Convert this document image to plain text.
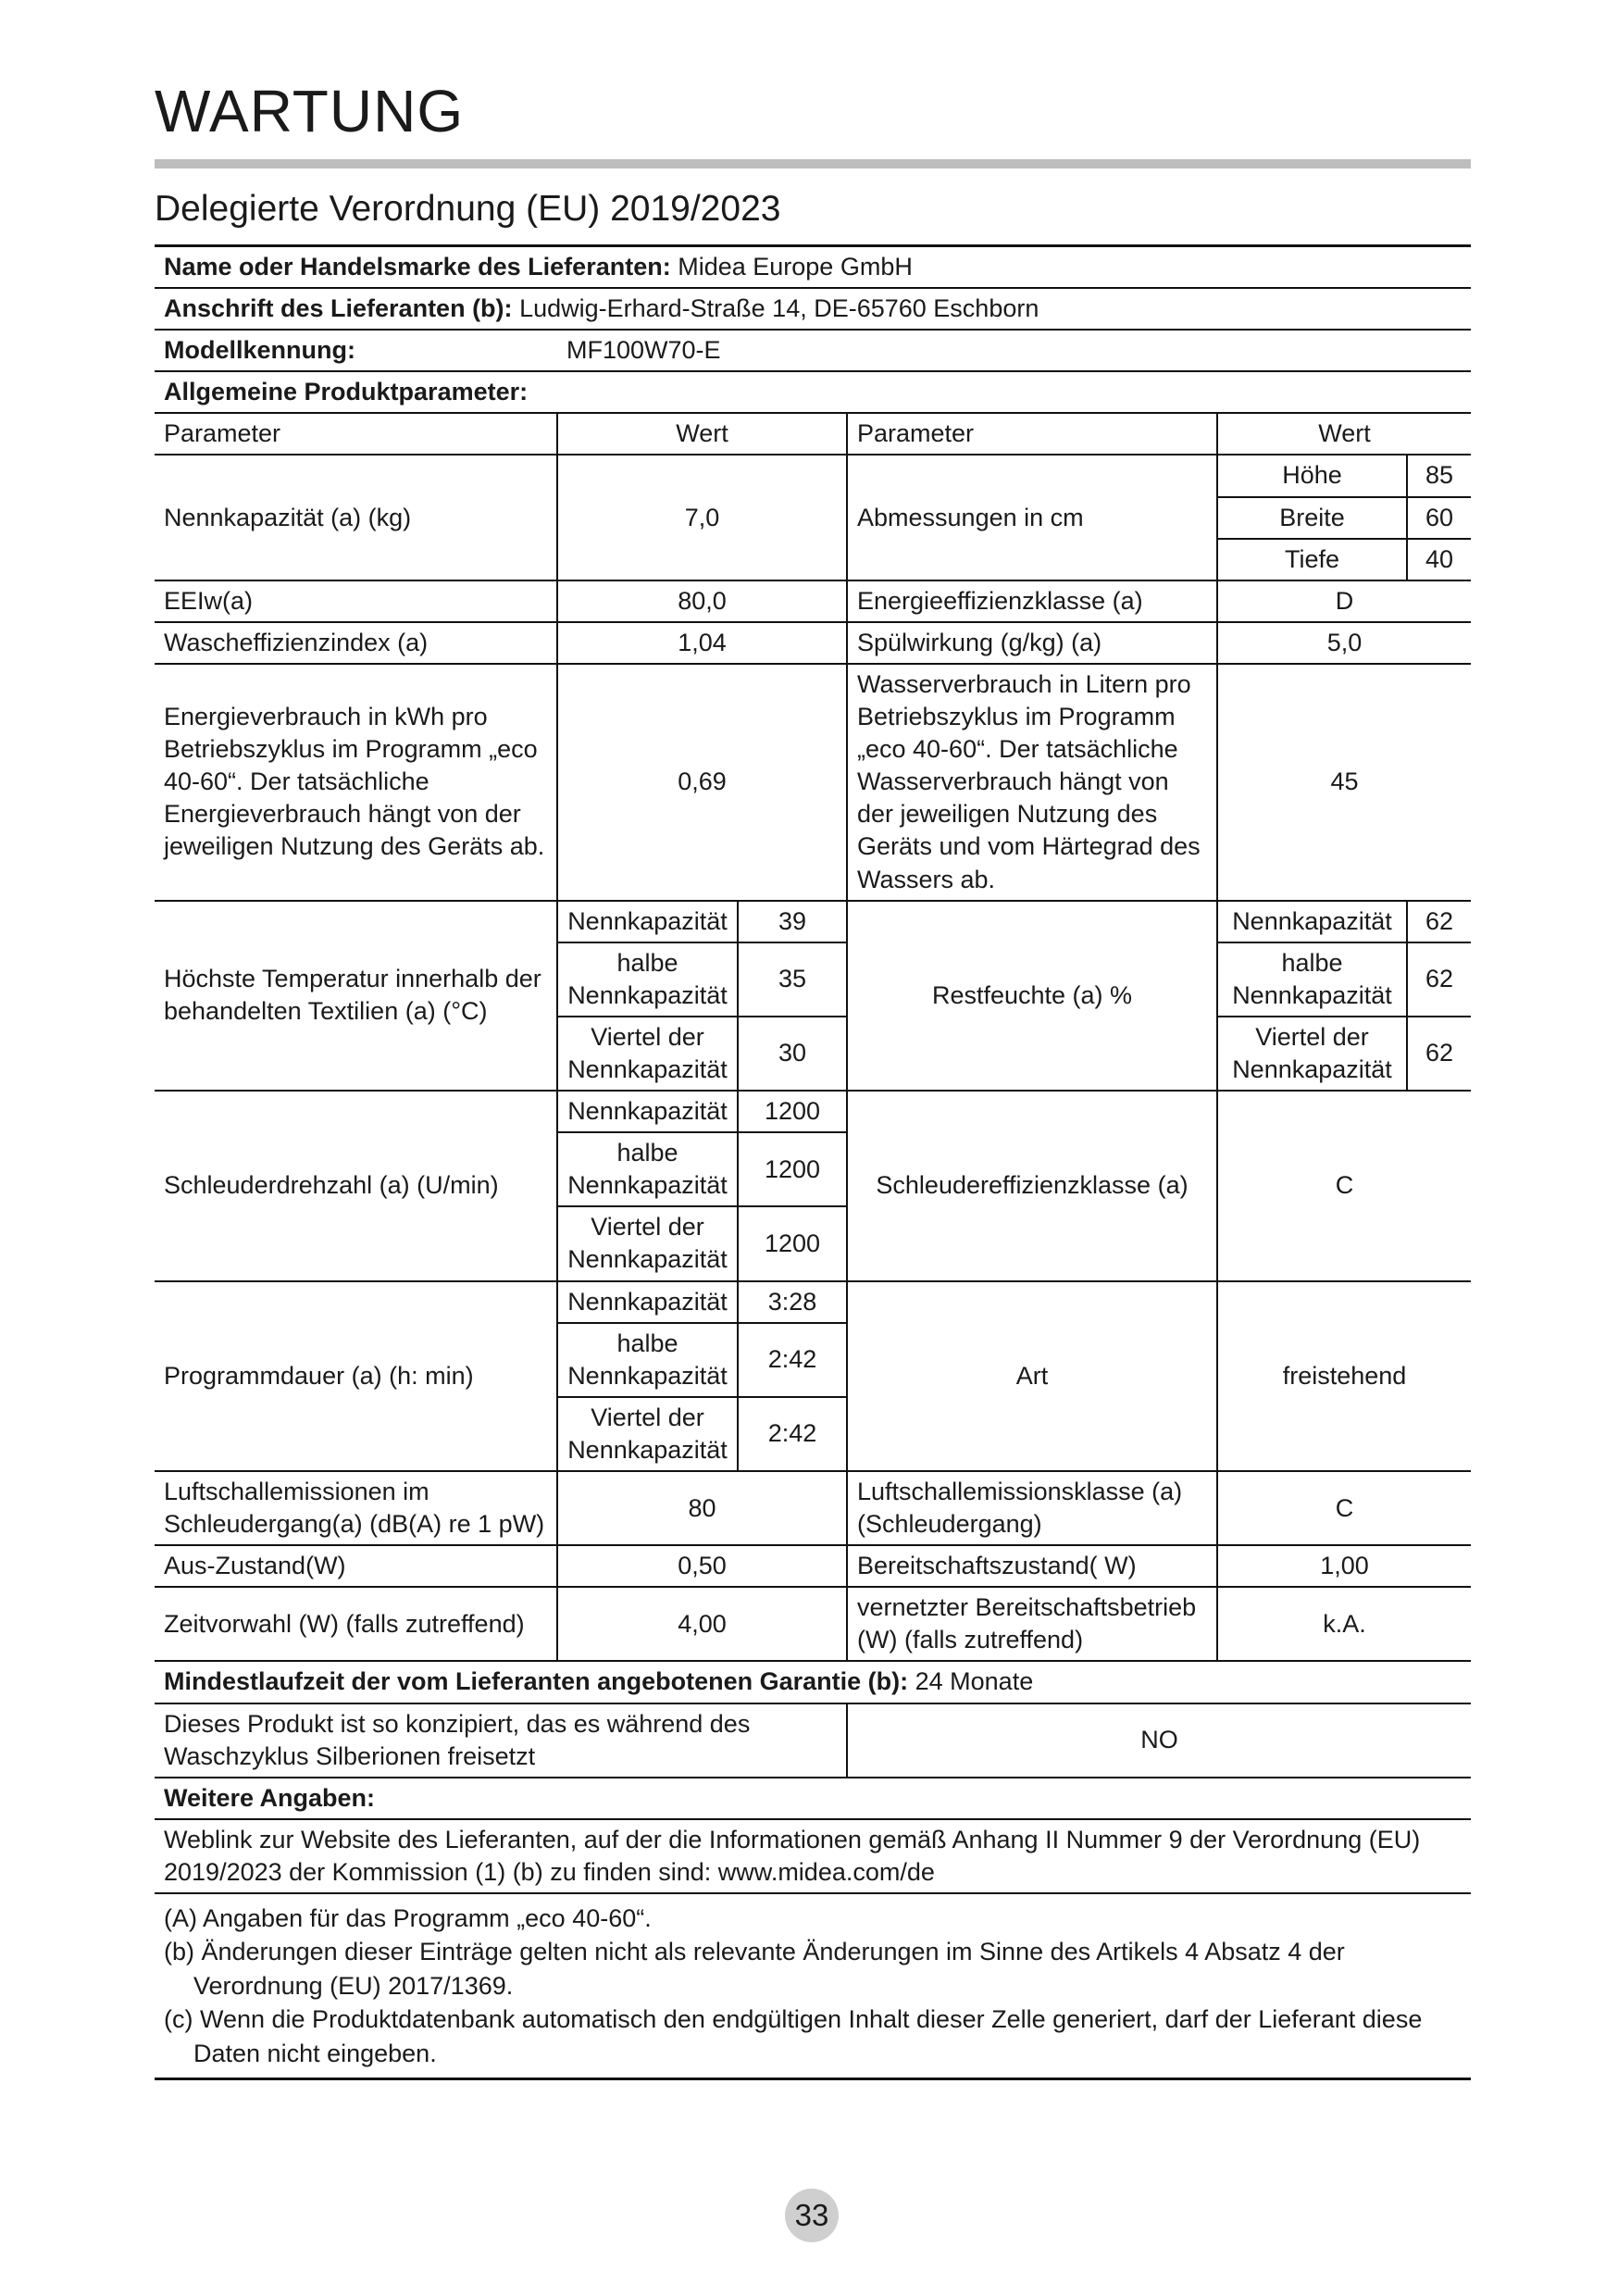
WARTUNG
Delegierte Verordnung (EU) 2019/2023
Name oder Handelsmarke des Lieferanten: Midea Europe GmbH					
Anschrift des Lieferanten (b): Ludwig-Erhard-Straße 14, DE-65760 Eschborn					
Modellkennung: MF100W70-E					
Allgemeine Produktparameter:					
Parameter	Wert		Parameter	Wert	
Nennkapazität (a) (kg)	7,0		Abmessungen in cm	Höhe	85
				Breite	60
				Tiefe	40
EEIw(a)	80,0		Energieeffizienzklasse (a)	D	
Wascheffizienzindex (a)	1,04		Spülwirkung (g/kg) (a)	5,0	
Energieverbrauch in kWh pro Betriebszyklus im Programm „eco 40-60“. Der tatsächliche Energieverbrauch hängt von der jeweiligen Nutzung des Geräts ab.	0,69		Wasserverbrauch in Litern pro Betriebszyklus im Programm „eco 40-60“. Der tatsächliche Wasserverbrauch hängt von der jeweiligen Nutzung des Geräts und vom Härtegrad des Wassers ab.	45	
Höchste Temperatur innerhalb der behandelten Textilien (a) (°C)	Nennkapazität	39	Restfeuchte (a) %	Nennkapazität	62
	halbe Nennkapazität	35		halbe Nennkapazität	62
	Viertel der Nennkapazität	30		Viertel der Nennkapazität	62
Schleuderdrehzahl (a) (U/min)	Nennkapazität	1200	Schleudereffizienzklasse (a)	C	
	halbe Nennkapazität	1200			
	Viertel der Nennkapazität	1200			
Programmdauer (a) (h: min)	Nennkapazität	3:28	Art	freistehend	
	halbe Nennkapazität	2:42			
	Viertel der Nennkapazität	2:42			
Luftschallemissionen im Schleudergang(a) (dB(A) re 1 pW)	80		Luftschallemissionsklasse (a) (Schleudergang)	C	
Aus-Zustand(W)	0,50		Bereitschaftszustand( W)	1,00	
Zeitvorwahl (W) (falls zutreffend)	4,00		vernetzter Bereitschaftsbetrieb (W) (falls zutreffend)	k.A.	
Mindestlaufzeit der vom Lieferanten angebotenen Garantie (b): 24 Monate					
Dieses Produkt ist so konzipiert, das es während des Waschzyklus Silberionen freisetzt			NO		
Weitere Angaben:					
Weblink zur Website des Lieferanten, auf der die Informationen gemäß Anhang II Nummer 9 der Verordnung (EU) 2019/2023 der Kommission (1) (b) zu finden sind: www.midea.com/de					

(A) Angaben für das Programm „eco 40-60“.
(b) Änderungen dieser Einträge gelten nicht als relevante Änderungen im Sinne des Artikels 4 Absatz 4 der Verordnung (EU) 2017/1369.
(c) Wenn die Produktdatenbank automatisch den endgültigen Inhalt dieser Zelle generiert, darf der Lieferant diese Daten nicht eingeben.					
33
